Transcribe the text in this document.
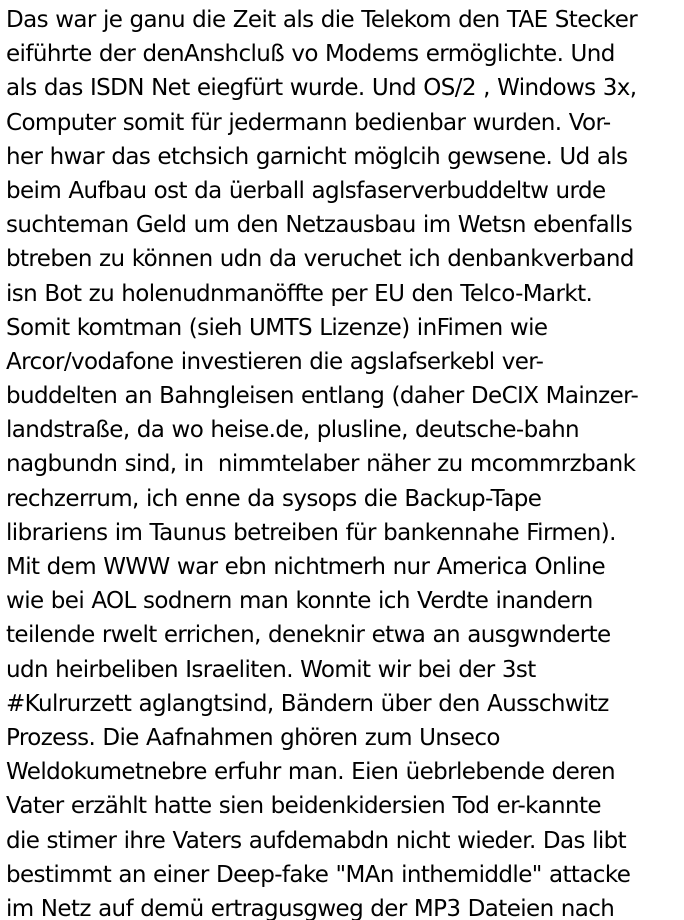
Das war je ganu die Zeit als die Telekom den TAE Stecker
eiführte der denAnshcluß vo Modems ermöglichte. Und
als das ISDN Net eiegfürt wurde. Und OS/2 , Windows 3x,
Computer somit für jedermann bedienbar wurden. Vor-
her hwar das etchsich garnicht möglcih gewsene. Ud als
beim Aufbau ost da üerball aglsfaserverbuddeltw urde
suchteman Geld um den Netzausbau im Wetsn ebenfalls
btreben zu können udn da veruchet ich denbankverband
isn Bot zu holenudnmanöffte per EU den Telco-Markt.
Somit komtman (sieh UMTS Lizenze) inFimen wie
Arcor/vodafone investieren die agslafserkebl ver-
buddelten an Bahngleisen entlang (daher DeCIX Mainzer-
landstraße, da wo heise.de, plusline, deutsche-bahn
nagbundn sind, in  nimmtelaber näher zu mcommrzbank
rechzerrum, ich enne da sysops die Backup-Tape
librariens im Taunus betreiben für bankennahe Firmen).
Mit dem WWW war ebn nichtmerh nur America Online
wie bei AOL sodnern man konnte ich Verdte inandern
teilende rwelt errichen, deneknir etwa an ausgwnderte
udn heirbeliben Israeliten. Womit wir bei der 3st
#Kulrurzett aglangtsind, Bändern über den Ausschwitz
Prozess. Die Aafnahmen ghören zum Unseco
Weldokumetnebre erfuhr man. Eien üebrlebende deren
Vater erzählt hatte sien beidenkidersien Tod er-kannte
die stimer ihre Vaters aufdemabdn nicht wieder. Das libt
bestimmt an einer Deep-fake "MAn inthemiddle" attacke
im Netz auf demü ertragusgweg der MP3 Dateien nach
